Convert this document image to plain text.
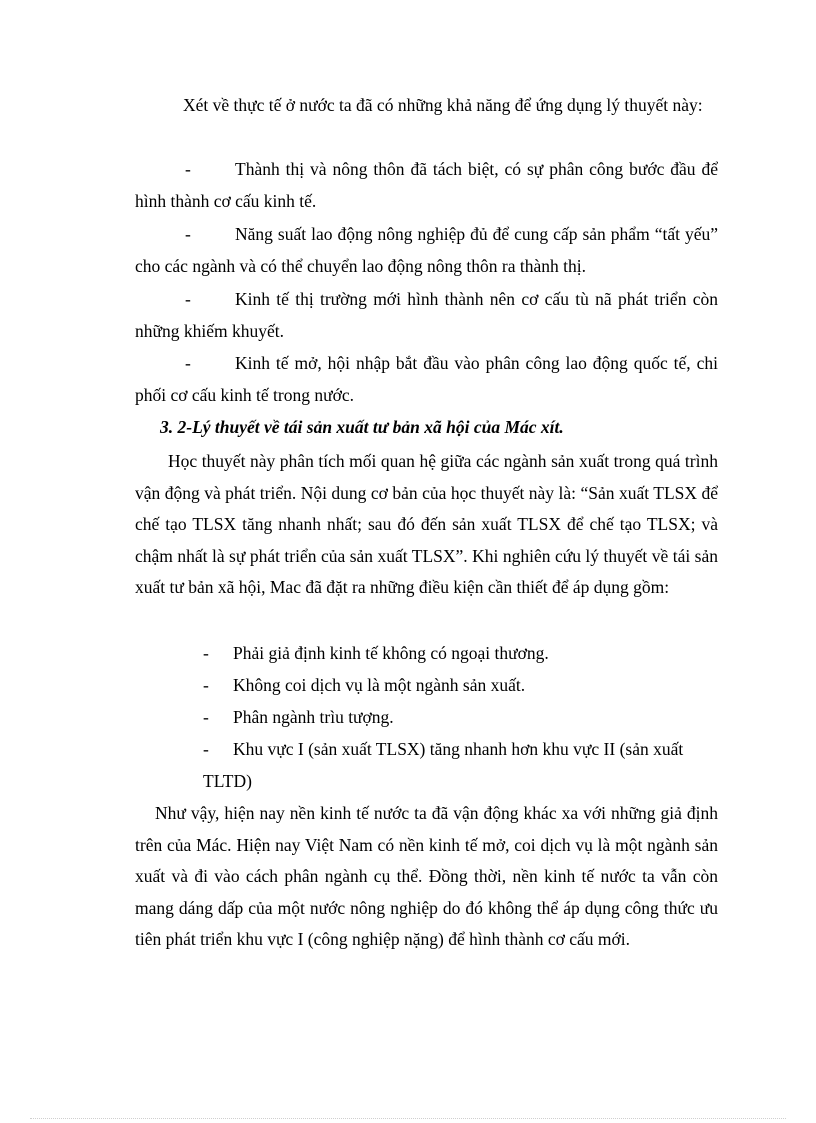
Xét về thực tế ở nước ta đã có những khả năng để ứng dụng lý thuyết này:

-	Thành thị và nông thôn đã tách biệt, có sự phân công bước đầu để hình thành cơ cấu kinh tế.

-	Năng suất lao động nông nghiệp đủ để cung cấp sản phẩm “tất yếu” cho các ngành và có thể chuyển lao động nông thôn ra thành thị.

-	Kinh tế thị trường mới hình thành nên cơ cấu tù nã phát triển còn những khiếm khuyết.

-	Kinh tế mở, hội nhập bắt đầu vào phân công lao động quốc tế, chi phối cơ cấu kinh tế trong nước.

3. 2-Lý thuyết về tái sản xuất tư bản xã hội của Mác xít.

Học thuyết này phân tích mối quan hệ giữa các ngành sản xuất trong quá trình vận động và phát triển. Nội dung cơ bản của học thuyết này là: “Sản xuất TLSX để chế tạo TLSX tăng nhanh nhất; sau đó đến sản xuất TLSX để chế tạo TLSX; và chậm nhất là sự phát triển của sản xuất TLSX”. Khi nghiên cứu lý thuyết về tái sản xuất tư bản xã hội, Mac đã đặt ra những điều kiện cần thiết để áp dụng gồm:

- Phải giả định kinh tế không có ngoại thương.
- Không coi dịch vụ là một ngành sản xuất.
- Phân ngành trìu tượng.
- Khu vực I (sản xuất TLSX) tăng nhanh hơn khu vực II (sản xuất TLTD)

Như vậy, hiện nay nền kinh tế nước ta đã vận động khác xa với những giả định trên của Mác. Hiện nay Việt Nam có nền kinh tế mở, coi dịch vụ là một ngành sản xuất và đi vào cách phân ngành cụ thể. Đồng thời, nền kinh tế nước ta vẫn còn mang dáng dấp của một nước nông nghiệp do đó không thể áp dụng công thức ưu tiên phát triển khu vực I (công nghiệp nặng) để hình thành cơ cấu mới.
